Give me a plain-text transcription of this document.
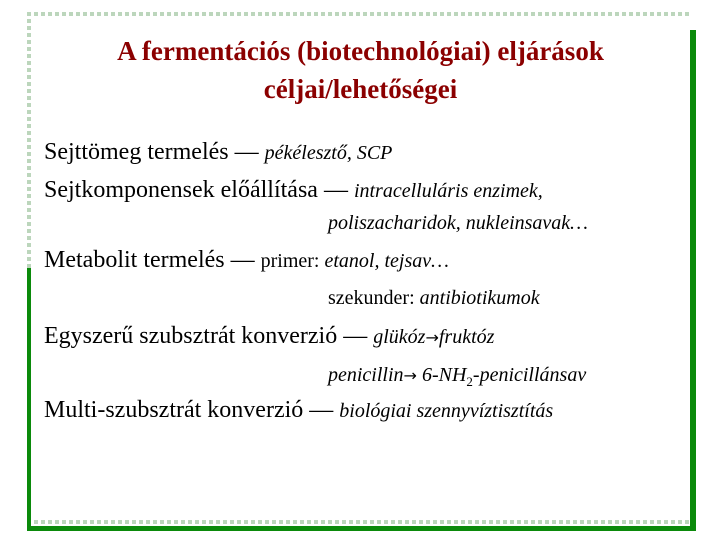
A fermentációs (biotechnológiai) eljárások
céljai/lehetőségei
Sejttömeg termelés — pékélesztő, SCP
Sejtkomponensek előállítása — intracelluláris enzimek,
poliszacharidok, nukleinsavak…
Metabolit termelés — primer: etanol, tejsav…
szekunder: antibiotikumok
Egyszerű szubsztrát konverzió — glükóz→fruktóz
penicillin→ $6-NH_2$-penicillánsav
Multi-szubsztrát konverzió — biológiai szennyvíztisztítás
